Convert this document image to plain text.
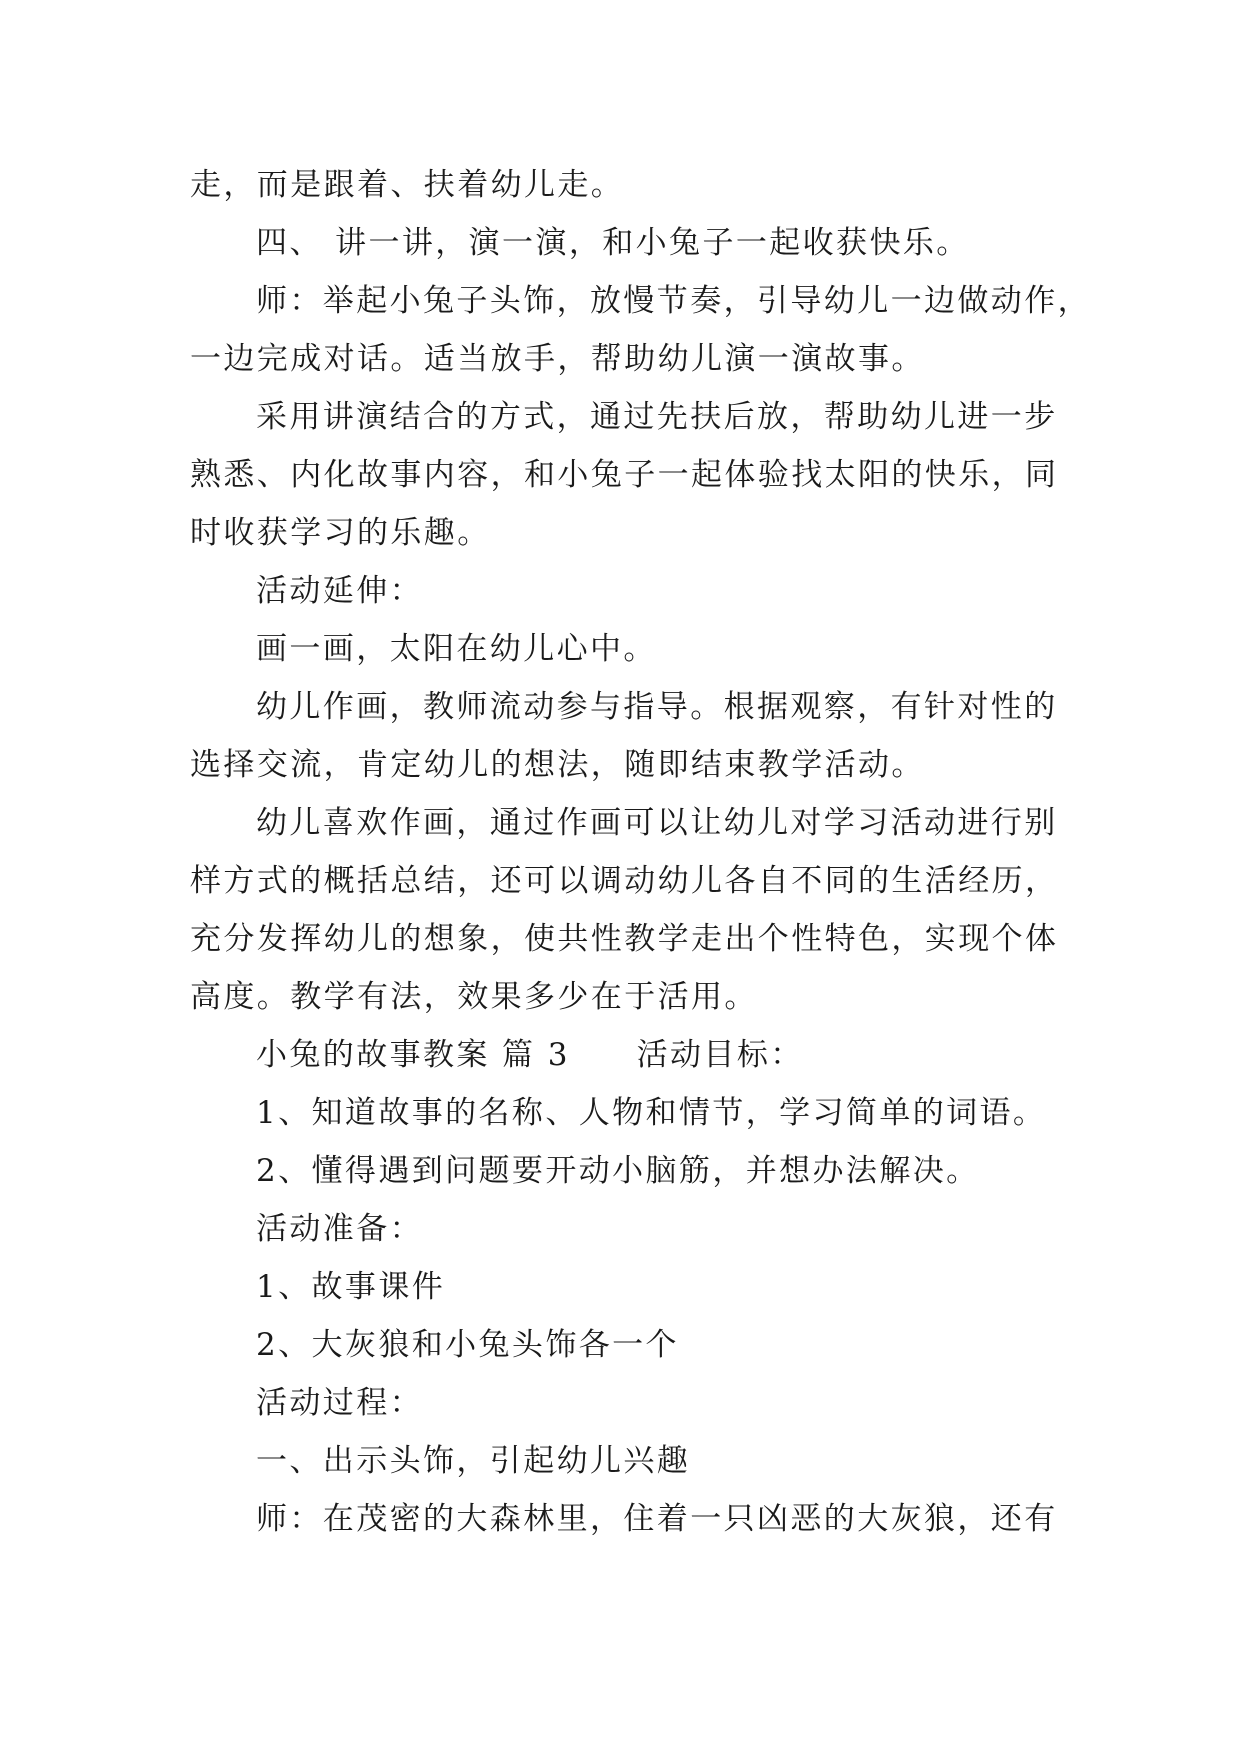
走，而是跟着、扶着幼儿走。
四、 讲一讲，演一演，和小兔子一起收获快乐。
师：举起小兔子头饰，放慢节奏，引导幼儿一边做动作，
一边完成对话。适当放手，帮助幼儿演一演故事。
采用讲演结合的方式，通过先扶后放，帮助幼儿进一步
熟悉、内化故事内容，和小兔子一起体验找太阳的快乐，同
时收获学习的乐趣。
活动延伸：
画一画，太阳在幼儿心中。
幼儿作画，教师流动参与指导。根据观察，有针对性的
选择交流，肯定幼儿的想法，随即结束教学活动。
幼儿喜欢作画，通过作画可以让幼儿对学习活动进行别
样方式的概括总结，还可以调动幼儿各自不同的生活经历，
充分发挥幼儿的想象，使共性教学走出个性特色，实现个体
高度。教学有法，效果多少在于活用。
小兔的故事教案 篇 3　　活动目标：
1、知道故事的名称、人物和情节，学习简单的词语。
2、懂得遇到问题要开动小脑筋，并想办法解决。
活动准备：
1、故事课件
2、大灰狼和小兔头饰各一个
活动过程：
一、出示头饰，引起幼儿兴趣
师：在茂密的大森林里，住着一只凶恶的大灰狼，还有
